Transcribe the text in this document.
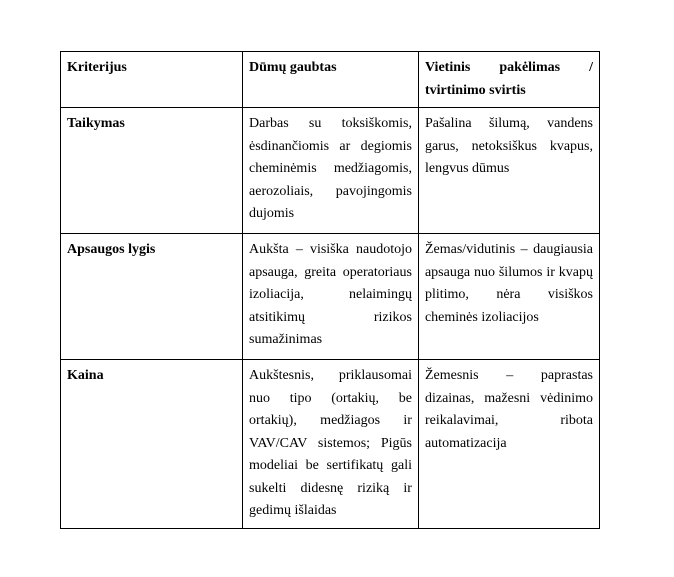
Kriterijus	Dūmų gaubtas	Vietinis pakėlimas / tvirtinimo svirtis
Taikymas	Darbas su toksiškomis, ėsdinančiomis ar degiomis cheminėmis medžiagomis, aerozoliais, pavojingomis dujomis	Pašalina šilumą, vandens garus, netoksiškus kvapus, lengvus dūmus
Apsaugos lygis	Aukšta – visiška naudotojo apsauga, greita operatoriaus izoliacija, nelaimingų atsitikimų rizikos sumažinimas	Žemas/vidutinis – daugiausia apsauga nuo šilumos ir kvapų plitimo, nėra visiškos cheminės izoliacijos
Kaina	Aukštesnis, priklausomai nuo tipo (ortakių, be ortakių), medžiagos ir VAV/CAV sistemos; Pigūs modeliai be sertifikatų gali sukelti didesnę riziką ir gedimų išlaidas	Žemesnis – paprastas dizainas, mažesni vėdinimo reikalavimai, ribota automatizacija
